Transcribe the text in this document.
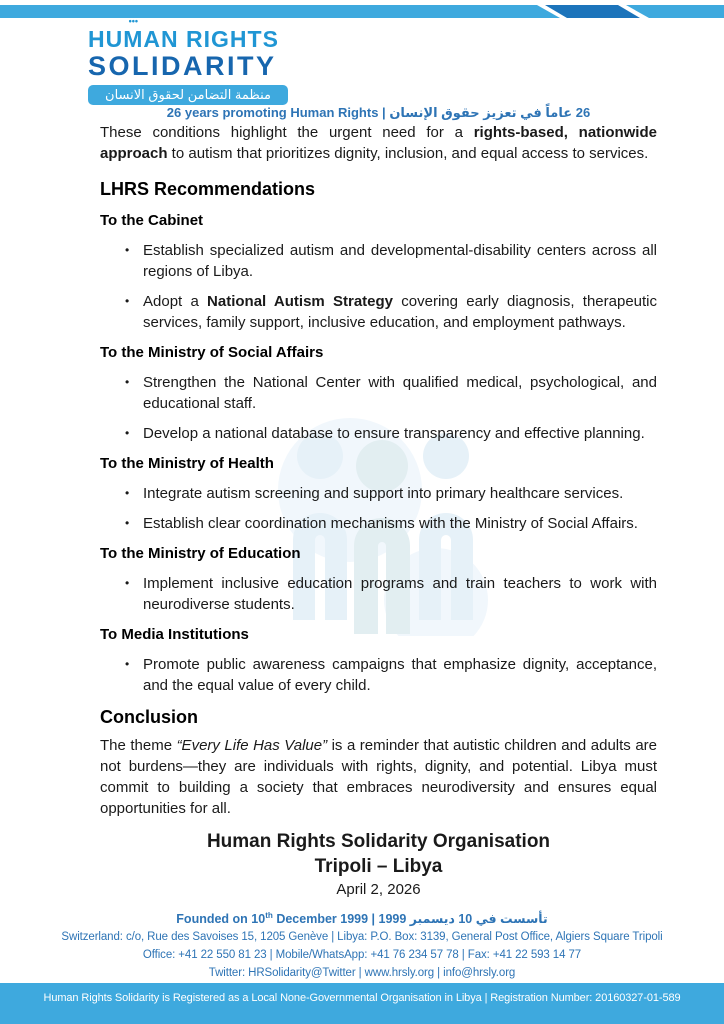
HU
•••
MAN RIGHTS
SOLIDARITY
منظمة التضامن لحقوق الانسان
26 years promoting Human Rights | 26 عاماً في تعزيز حقوق الإنسان

These conditions highlight the urgent need for a rights-based, nationwide approach to autism that prioritizes dignity, inclusion, and equal access to services.

LHRS Recommendations
To the Cabinet
• Establish specialized autism and developmental-disability centers across all regions of Libya.
• Adopt a National Autism Strategy covering early diagnosis, therapeutic services, family support, inclusive education, and employment pathways.
To the Ministry of Social Affairs
• Strengthen the National Center with qualified medical, psychological, and educational staff.
• Develop a national database to ensure transparency and effective planning.
To the Ministry of Health
• Integrate autism screening and support into primary healthcare services.
• Establish clear coordination mechanisms with the Ministry of Social Affairs.
To the Ministry of Education
• Implement inclusive education programs and train teachers to work with neurodiverse students.
To Media Institutions
• Promote public awareness campaigns that emphasize dignity, acceptance, and the equal value of every child.
Conclusion

The theme “Every Life Has Value” is a reminder that autistic children and adults are not burdens—they are individuals with rights, dignity, and potential. Libya must commit to building a society that embraces neurodiversity and ensures equal opportunities for all.

Human Rights Solidarity Organisation
Tripoli – Libya
April 2, 2026
Founded on 10th December 1999 | تأسست في 10 ديسمبر 1999
Switzerland: c/o, Rue des Savoises 15, 1205 Genève | Libya: P.O. Box: 3139, General Post Office, Algiers Square Tripoli
Office: +41 22 550 81 23 | Mobile/WhatsApp: +41 76 234 57 78 | Fax: +41 22 593 14 77
Twitter: HRSolidarity@Twitter | www.hrsly.org | info@hrsly.org
Human Rights Solidarity is Registered as a Local None-Governmental Organisation in Libya | Registration Number: 20160327-01-589
